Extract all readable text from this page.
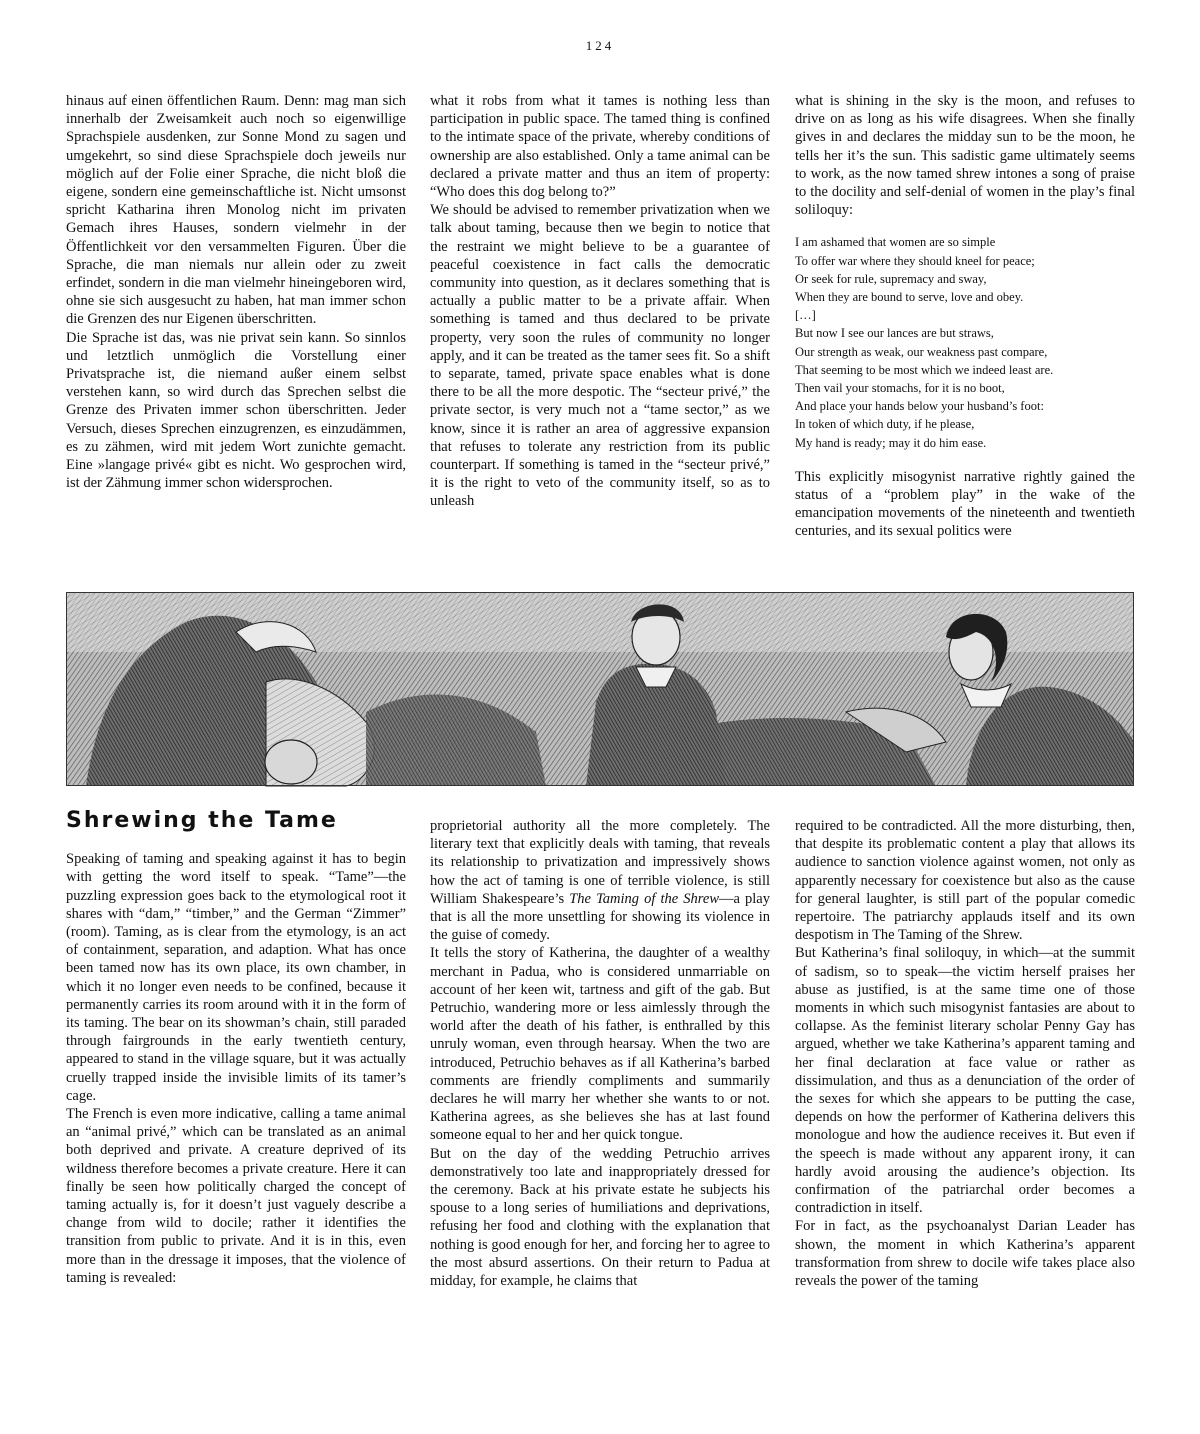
124

hinaus auf einen öffentlichen Raum. Denn: mag man sich innerhalb der Zweisamkeit auch noch so eigenwillige Sprachspiele ausdenken, zur Sonne Mond zu sagen und umgekehrt, so sind diese Sprachspiele doch jeweils nur möglich auf der Folie einer Sprache, die nicht bloß die eigene, sondern eine gemeinschaftliche ist. Nicht umsonst spricht Katharina ihren Monolog nicht im privaten Gemach ihres Hauses, sondern vielmehr in der Öffentlichkeit vor den versammelten Figuren. Über die Sprache, die man niemals nur allein oder zu zweit erfindet, sondern in die man vielmehr hineingeboren wird, ohne sie sich ausgesucht zu haben, hat man immer schon die Grenzen des nur Eigenen überschritten.

Die Sprache ist das, was nie privat sein kann. So sinnlos und letztlich unmöglich die Vorstellung einer Privatsprache ist, die niemand außer einem selbst verstehen kann, so wird durch das Sprechen selbst die Grenze des Privaten immer schon überschritten. Jeder Versuch, dieses Sprechen einzugrenzen, es einzudämmen, es zu zähmen, wird mit jedem Wort zunichte gemacht. Eine »langage privé« gibt es nicht. Wo gesprochen wird, ist der Zähmung immer schon widersprochen.

what it robs from what it tames is nothing less than participation in public space. The tamed thing is confined to the intimate space of the private, whereby conditions of ownership are also established. Only a tame animal can be declared a private matter and thus an item of property: “Who does this dog belong to?”

We should be advised to remember privatization when we talk about taming, because then we begin to notice that the restraint we might believe to be a guarantee of peaceful coexistence in fact calls the democratic community into question, as it declares something that is actually a public matter to be a private affair. When something is tamed and thus declared to be private property, very soon the rules of community no longer apply, and it can be treated as the tamer sees fit. So a shift to separate, tamed, private space enables what is done there to be all the more despotic. The “secteur privé,” the private sector, is very much not a “tame sector,” as we know, since it is rather an area of aggressive expansion that refuses to tolerate any restriction from its public counterpart. If something is tamed in the “secteur privé,” it is the right to veto of the community itself, so as to unleash

what is shining in the sky is the moon, and refuses to drive on as long as his wife disagrees. When she finally gives in and declares the midday sun to be the moon, he tells her it’s the sun. This sadistic game ultimately seems to work, as the now tamed shrew intones a song of praise to the docility and self-denial of women in the play’s final soliloquy:

I am ashamed that women are so simple
To offer war where they should kneel for peace;
Or seek for rule, supremacy and sway,
When they are bound to serve, love and obey.
[…]
But now I see our lances are but straws,
Our strength as weak, our weakness past compare,
That seeming to be most which we indeed least are.
Then vail your stomachs, for it is no boot,
And place your hands below your husband’s foot:
In token of which duty, if he please,
My hand is ready; may it do him ease.

This explicitly misogynist narrative rightly gained the status of a “problem play” in the wake of the emancipation movements of the nineteenth and twentieth centuries, and its sexual politics were

Shrewing the Tame

Speaking of taming and speaking against it has to begin with getting the word itself to speak. “Tame”—the puzzling expression goes back to the etymological root it shares with “dam,” “timber,” and the German “Zimmer” (room). Taming, as is clear from the etymology, is an act of containment, separation, and adaption. What has once been tamed now has its own place, its own chamber, in which it no longer even needs to be confined, because it permanently carries its room around with it in the form of its taming. The bear on its showman’s chain, still paraded through fairgrounds in the early twentieth century, appeared to stand in the village square, but it was actually cruelly trapped inside the invisible limits of its tamer’s cage.

The French is even more indicative, calling a tame animal an “animal privé,” which can be translated as an animal both deprived and private. A creature deprived of its wildness therefore becomes a private creature. Here it can finally be seen how politically charged the concept of taming actually is, for it doesn’t just vaguely describe a change from wild to docile; rather it identifies the transition from public to private. And it is in this, even more than in the dressage it imposes, that the violence of taming is revealed:

proprietorial authority all the more completely. The literary text that explicitly deals with taming, that reveals its relationship to privatization and impressively shows how the act of taming is one of terrible violence, is still William Shakespeare’s The Taming of the Shrew—a play that is all the more unsettling for showing its violence in the guise of comedy.

It tells the story of Katherina, the daughter of a wealthy merchant in Padua, who is considered unmarriable on account of her keen wit, tartness and gift of the gab. But Petruchio, wandering more or less aimlessly through the world after the death of his father, is enthralled by this unruly woman, even through hearsay. When the two are introduced, Petruchio behaves as if all Katherina’s barbed comments are friendly compliments and summarily declares he will marry her whether she wants to or not. Katherina agrees, as she believes she has at last found someone equal to her and her quick tongue.

But on the day of the wedding Petruchio arrives demonstratively too late and inappropriately dressed for the ceremony. Back at his private estate he subjects his spouse to a long series of humiliations and deprivations, refusing her food and clothing with the explanation that nothing is good enough for her, and forcing her to agree to the most absurd assertions. On their return to Padua at midday, for example, he claims that

required to be contradicted. All the more disturbing, then, that despite its problematic content a play that allows its audience to sanction violence against women, not only as apparently necessary for coexistence but also as the cause for general laughter, is still part of the popular comedic repertoire. The patriarchy applauds itself and its own despotism in The Taming of the Shrew.

But Katherina’s final soliloquy, in which—at the summit of sadism, so to speak—the victim herself praises her abuse as justified, is at the same time one of those moments in which such misogynist fantasies are about to collapse. As the feminist literary scholar Penny Gay has argued, whether we take Katherina’s apparent taming and her final declaration at face value or rather as dissimulation, and thus as a denunciation of the order of the sexes for which she appears to be putting the case, depends on how the performer of Katherina delivers this monologue and how the audience receives it. But even if the speech is made without any apparent irony, it can hardly avoid arousing the audience’s objection. Its confirmation of the patriarchal order becomes a contradiction in itself.

For in fact, as the psychoanalyst Darian Leader has shown, the moment in which Katherina’s apparent transformation from shrew to docile wife takes place also reveals the power of the taming
